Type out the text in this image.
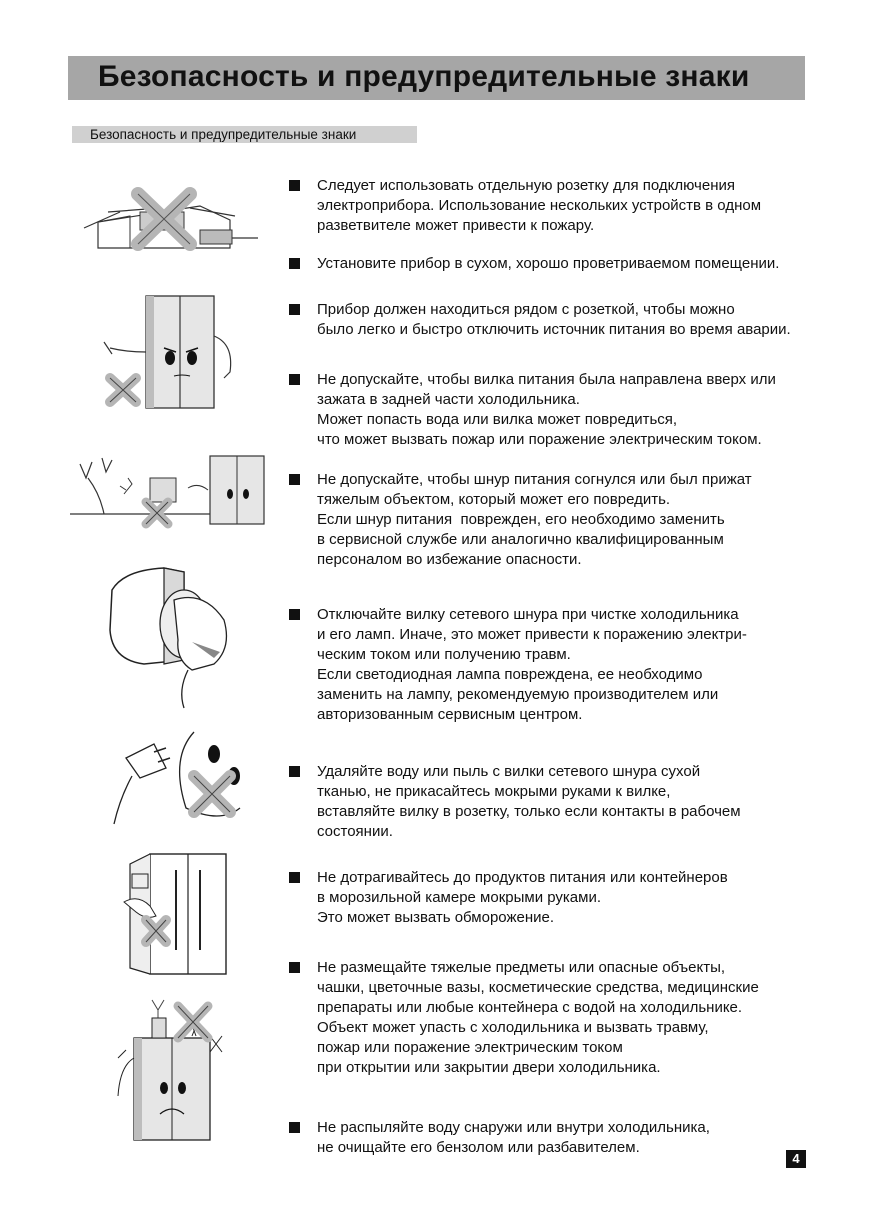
Безопасность и предупредительные знаки
Безопасность и предупредительные знаки
Следует использовать отдельную розетку для подключения
электроприбора. Использование нескольких устройств в одном
разветвителе может привести к пожару.
Установите прибор в сухом, хорошо проветриваемом помещении.
Прибор должен находиться рядом с розеткой, чтобы можно
было легко и быстро отключить источник питания во время аварии.
Не допускайте, чтобы вилка питания была направлена вверх или
зажата в задней части холодильника.
Может попасть вода или вилка может повредиться,
что может вызвать пожар или поражение электрическим током.
Не допускайте, чтобы шнур питания согнулся или был прижат
тяжелым объектом, который может его повредить.
Если шнур питания  поврежден, его необходимо заменить
в сервисной службе или аналогично квалифицированным
персоналом во избежание опасности.
Отключайте вилку сетевого шнура при чистке холодильника
и его ламп. Иначе, это может привести к поражению электри-
ческим током или получению травм.
Если светодиодная лампа повреждена, ее необходимо
заменить на лампу, рекомендуемую производителем или
авторизованным сервисным центром.
Удаляйте воду или пыль с вилки сетевого шнура сухой
тканью, не прикасайтесь мокрыми руками к вилке,
вставляйте вилку в розетку, только если контакты в рабочем
состоянии.
Не дотрагивайтесь до продуктов питания или контейнеров
в морозильной камере мокрыми руками.
Это может вызвать обморожение.
Не размещайте тяжелые предметы или опасные объекты,
чашки, цветочные вазы, косметические средства, медицинские
препараты или любые контейнера с водой на холодильнике.
Объект может упасть с холодильника и вызвать травму,
пожар или поражение электрическим током
при открытии или закрытии двери холодильника.
Не распыляйте воду снаружи или внутри холодильника,
не очищайте его бензолом или разбавителем.
4
